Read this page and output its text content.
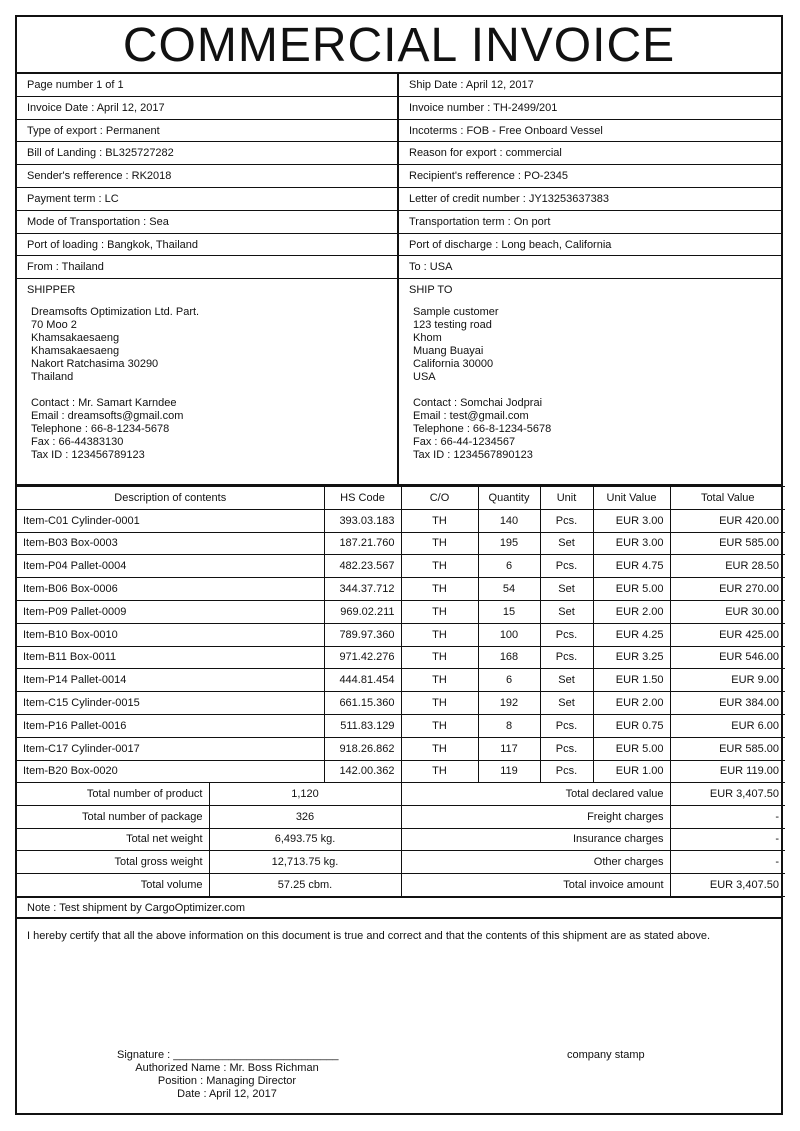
COMMERCIAL INVOICE
Page number 1 of 1	Ship Date : April 12, 2017
Invoice Date : April 12, 2017	Invoice number : TH-2499/201
Type of export : Permanent	Incoterms : FOB - Free Onboard Vessel
Bill of Landing : BL325727282	Reason for export : commercial
Sender's refference : RK2018	Recipient's refference : PO-2345
Payment term : LC	Letter of credit number : JY13253637383
Mode of Transportation : Sea	Transportation term : On port
Port of loading : Bangkok, Thailand	Port of discharge : Long beach, California
From : Thailand	To : USA
SHIPPER
Dreamsofts Optimization Ltd. Part.
70 Moo 2
Khamsakaesaeng
Khamsakaesaeng
Nakort Ratchasima 30290
Thailand
Contact : Mr. Samart Karndee
Email : dreamsofts@gmail.com
Telephone : 66-8-1234-5678
Fax : 66-44383130
Tax ID : 123456789123
SHIP TO
Sample customer
123 testing road
Khom
Muang Buayai
California 30000
USA
Contact : Somchai Jodprai
Email : test@gmail.com
Telephone : 66-8-1234-5678
Fax : 66-44-1234567
Tax ID : 1234567890123
Description of contents	HS Code	C/O	Quantity	Unit	Unit Value	Total Value
Item-C01 Cylinder-0001	393.03.183	TH	140	Pcs.	EUR 3.00	EUR 420.00
Item-B03 Box-0003	187.21.760	TH	195	Set	EUR 3.00	EUR 585.00
Item-P04 Pallet-0004	482.23.567	TH	6	Pcs.	EUR 4.75	EUR 28.50
Item-B06 Box-0006	344.37.712	TH	54	Set	EUR 5.00	EUR 270.00
Item-P09 Pallet-0009	969.02.211	TH	15	Set	EUR 2.00	EUR 30.00
Item-B10 Box-0010	789.97.360	TH	100	Pcs.	EUR 4.25	EUR 425.00
Item-B11 Box-0011	971.42.276	TH	168	Pcs.	EUR 3.25	EUR 546.00
Item-P14 Pallet-0014	444.81.454	TH	6	Set	EUR 1.50	EUR 9.00
Item-C15 Cylinder-0015	661.15.360	TH	192	Set	EUR 2.00	EUR 384.00
Item-P16 Pallet-0016	511.83.129	TH	8	Pcs.	EUR 0.75	EUR 6.00
Item-C17 Cylinder-0017	918.26.862	TH	117	Pcs.	EUR 5.00	EUR 585.00
Item-B20 Box-0020	142.00.362	TH	119	Pcs.	EUR 1.00	EUR 119.00
Total number of product	1,120	Total declared value	EUR 3,407.50
Total number of package	326	Freight charges	-
Total net weight	6,493.75 kg.	Insurance charges	-
Total gross weight	12,713.75 kg.	Other charges	-
Total volume	57.25 cbm.	Total invoice amount	EUR 3,407.50
Note : Test shipment by CargoOptimizer.com
I hereby certify that all the above information on this document is true and correct and that the contents of this shipment are as stated above.
Signature : ___________________________
Authorized Name : Mr. Boss Richman
Position : Managing Director
Date : April 12, 2017
company stamp
